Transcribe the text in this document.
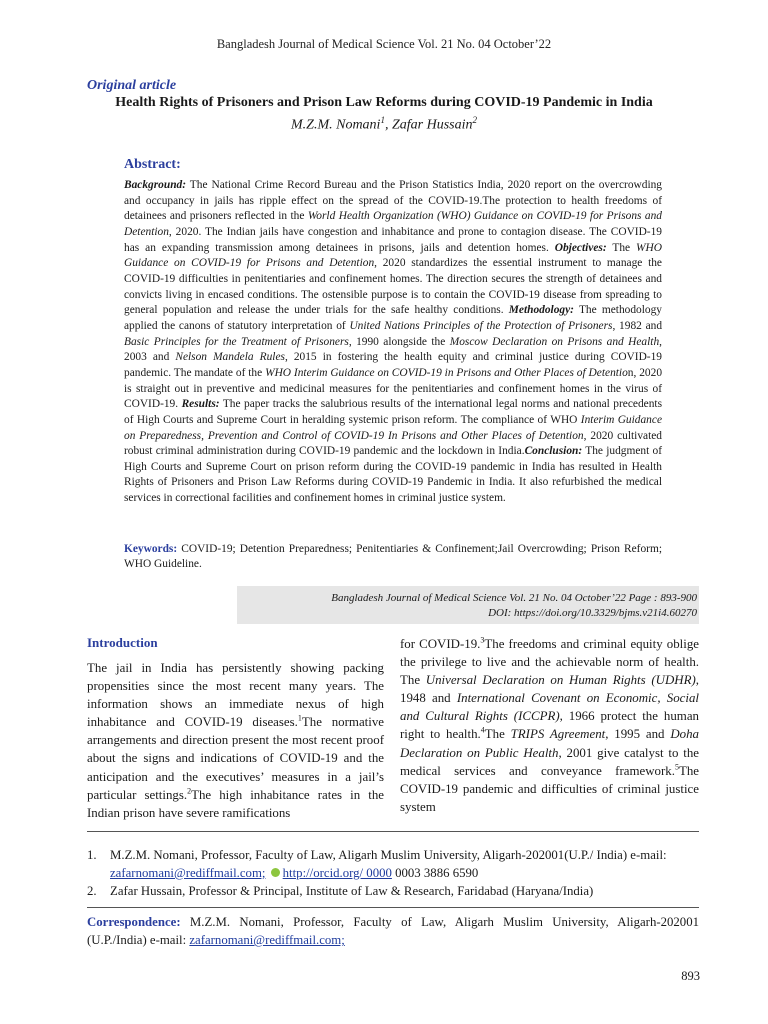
Bangladesh Journal of Medical Science Vol. 21 No. 04 October’22
Original article
Health Rights of Prisoners and Prison Law Reforms during COVID-19 Pandemic in India
M.Z.M. Nomani$^1$, Zafar Hussain$^2$
Abstract:
Background: The National Crime Record Bureau and the Prison Statistics India, 2020 report on the overcrowding and occupancy in jails has ripple effect on the spread of the COVID-19.The protection to health freedoms of detainees and prisoners reflected in the World Health Organization (WHO) Guidance on COVID-19 for Prisons and Detention, 2020. The Indian jails have congestion and inhabitance and prone to contagion disease. The COVID-19 has an expanding transmission among detainees in prisons, jails and detention homes. Objectives: The WHO Guidance on COVID-19 for Prisons and Detention, 2020 standardizes the essential instrument to manage the COVID-19 difficulties in penitentiaries and confinement homes. The direction secures the strength of detainees and convicts living in encased conditions. The ostensible purpose is to contain the COVID-19 disease from spreading to general population and release the under trials for the safe healthy conditions. Methodology: The methodology applied the canons of statutory interpretation of United Nations Principles of the Protection of Prisoners, 1982 and Basic Principles for the Treatment of Prisoners, 1990 alongside the Moscow Declaration on Prisons and Health, 2003 and Nelson Mandela Rules, 2015 in fostering the health equity and criminal justice during COVID-19 pandemic. The mandate of the WHO Interim Guidance on COVID-19 in Prisons and Other Places of Detention, 2020 is straight out in preventive and medicinal measures for the penitentiaries and confinement homes in the virus of COVID-19. Results: The paper tracks the salubrious results of the international legal norms and national precedents of High Courts and Supreme Court in heralding systemic prison reform. The compliance of WHO Interim Guidance on Preparedness, Prevention and Control of COVID-19 In Prisons and Other Places of Detention, 2020 cultivated robust criminal administration during COVID-19 pandemic and the lockdown in India.Conclusion: The judgment of High Courts and Supreme Court on prison reform during the COVID-19 pandemic in India has resulted in Health Rights of Prisoners and Prison Law Reforms during COVID-19 Pandemic in India. It also refurbished the medical services in correctional facilities and confinement homes in criminal justice system.
Keywords: COVID-19; Detention Preparedness; Penitentiaries & Confinement;Jail Overcrowding; Prison Reform; WHO Guideline.
Bangladesh Journal of Medical Science Vol. 21 No. 04 October’22 Page : 893-900
DOI: https://doi.org/10.3329/bjms.v21i4.60270
Introduction

The jail in India has persistently showing packing propensities since the most recent many years. The information shows an immediate nexus of high inhabitance and COVID-19 diseases.$^1$The normative arrangements and direction present the most recent proof about the signs and indications of COVID-19 and the anticipation and the executives’ measures in a jail’s particular settings.$^2$The high inhabitance rates in the Indian prison have severe ramifications

for COVID-19.$^3$The freedoms and criminal equity oblige the privilege to live and the achievable norm of health. The Universal Declaration on Human Rights (UDHR), 1948 and International Covenant on Economic, Social and Cultural Rights (ICCPR), 1966 protect the human right to health.$^4$The TRIPS Agreement, 1995 and Doha Declaration on Public Health, 2001 give catalyst to the medical services and conveyance framework.$^5$The COVID-19 pandemic and difficulties of criminal justice system

1. M.Z.M. Nomani, Professor, Faculty of Law, Aligarh Muslim University, Aligarh-202001(U.P./ India) e-mail: zafarnomani@rediffmail.com; http://orcid.org/ 0000 0003 3886 6590
2. Zafar Hussain, Professor & Principal, Institute of Law & Research, Faridabad (Haryana/India)
Correspondence: M.Z.M. Nomani, Professor, Faculty of Law, Aligarh Muslim University, Aligarh-202001 (U.P./India) e-mail: zafarnomani@rediffmail.com;
893
